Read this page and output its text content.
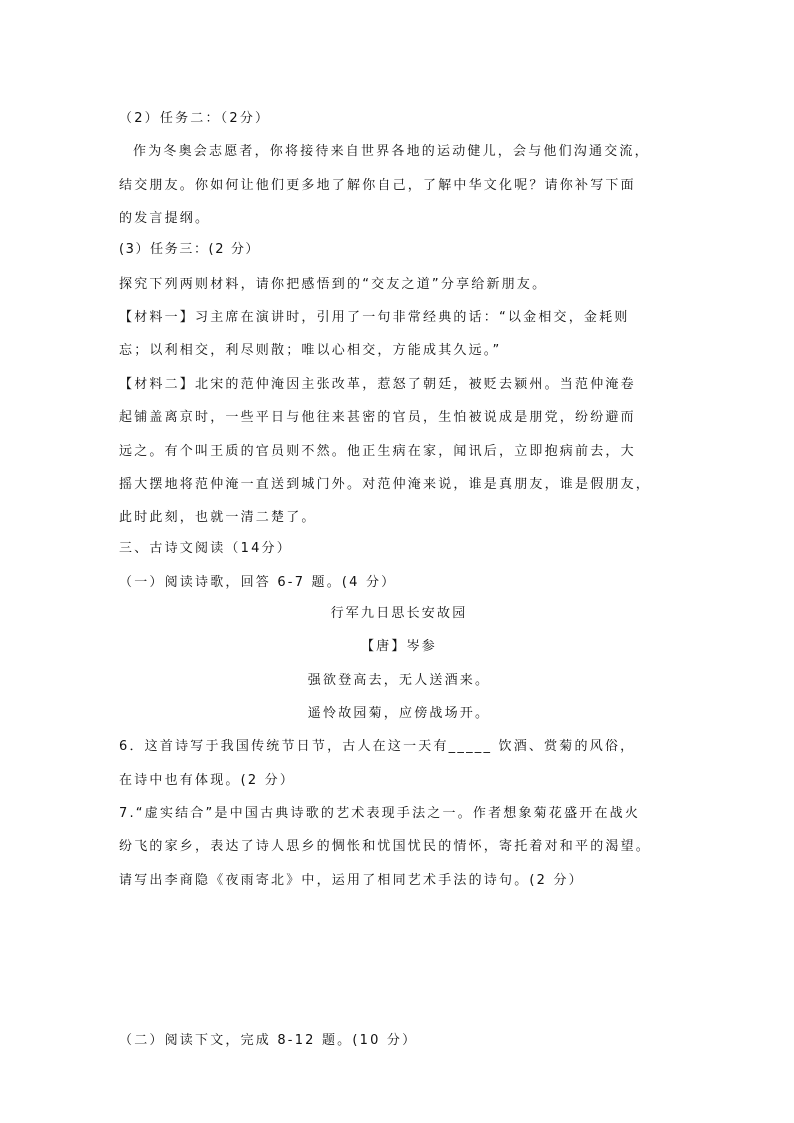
（2）任务二：（2分）
作为冬奥会志愿者，你将接待来自世界各地的运动健儿，会与他们沟通交流，
结交朋友。你如何让他们更多地了解你自己，了解中华文化呢？请你补写下面
的发言提纲。
(3）任务三：(2 分）
探究下列两则材料，请你把感悟到的“交友之道”分享给新朋友。
【材料一】习主席在演讲时，引用了一句非常经典的话：“以金相交，金耗则
忘；以利相交，利尽则散；唯以心相交，方能成其久远。”
【材料二】北宋的范仲淹因主张改革，惹怒了朝廷，被贬去颍州。当范仲淹卷
起铺盖离京时，一些平日与他往来甚密的官员，生怕被说成是朋党，纷纷避而
远之。有个叫王质的官员则不然。他正生病在家，闻讯后，立即抱病前去，大
摇大摆地将范仲淹一直送到城门外。对范仲淹来说，谁是真朋友，谁是假朋友，
此时此刻，也就一清二楚了。
三、古诗文阅读（14分）
（一）阅读诗歌，回答 6-7 题。(4 分）
行军九日思长安故园
【唐】岑参
强欲登高去，无人送酒来。
遥怜故园菊，应傍战场开。
6．这首诗写于我国传统节日节，古人在这一天有_____ 饮酒、赏菊的风俗，
在诗中也有体现。(2 分）
7.“虚实结合”是中国古典诗歌的艺术表现手法之一。作者想象菊花盛开在战火
纷飞的家乡，表达了诗人思乡的惆怅和忧国忧民的情怀，寄托着对和平的渴望。
请写出李商隐《夜雨寄北》中，运用了相同艺术手法的诗句。(2 分）
（二）阅读下文，完成 8-12 题。(10 分）
